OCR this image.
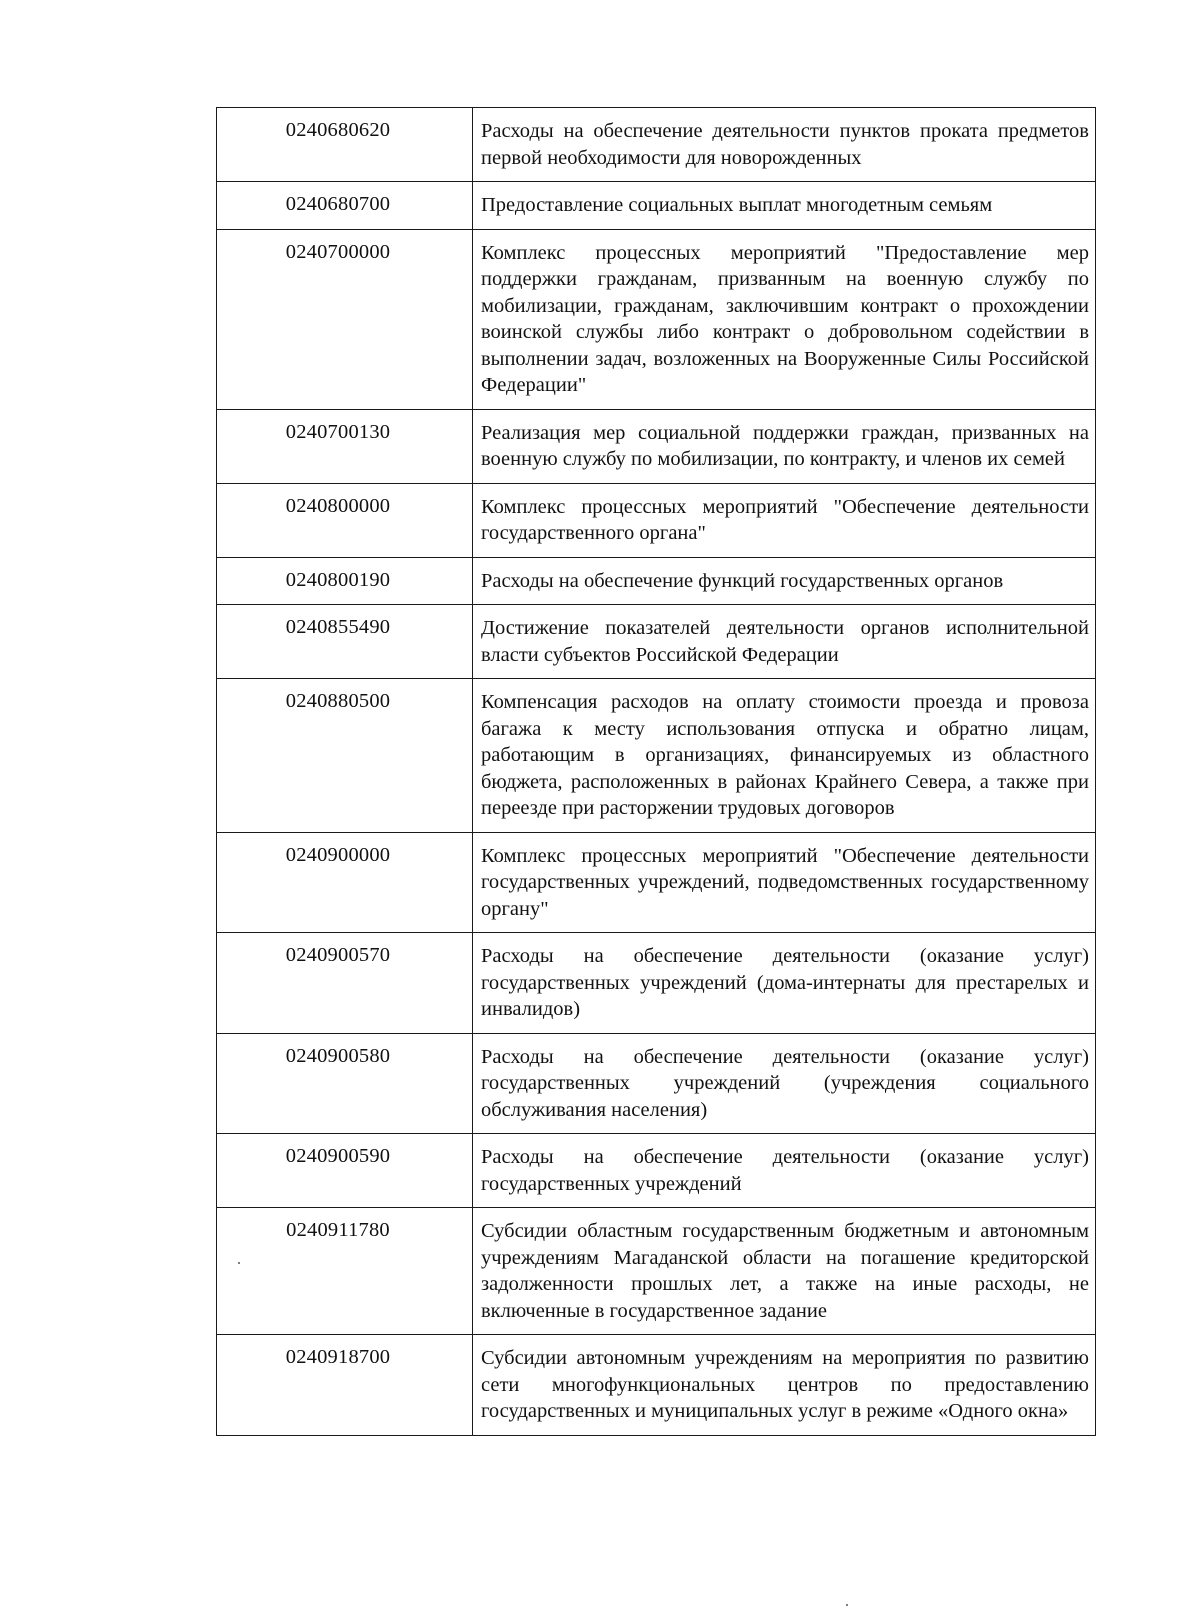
0240680620	Расходы на обеспечение деятельности пунктов проката предметов первой необходимости для новорожденных
0240680700	Предоставление социальных выплат многодетным семьям
0240700000	Комплекс процессных мероприятий "Предоставление мер поддержки гражданам, призванным на военную службу по мобилизации, гражданам, заключившим контракт о прохождении воинской службы либо контракт о добровольном содействии в выполнении задач, возложенных на Вооруженные Силы Российской Федерации"
0240700130	Реализация мер социальной поддержки граждан, призванных на военную службу по мобилизации, по контракту, и членов их семей
0240800000	Комплекс процессных мероприятий "Обеспечение деятельности государственного органа"
0240800190	Расходы на обеспечение функций государственных органов
0240855490	Достижение показателей деятельности органов исполнительной власти субъектов Российской Федерации
0240880500	Компенсация расходов на оплату стоимости проезда и провоза багажа к месту использования отпуска и обратно лицам, работающим в организациях, финансируемых из областного бюджета, расположенных в районах Крайнего Севера, а также при переезде при расторжении трудовых договоров
0240900000	Комплекс процессных мероприятий "Обеспечение деятельности государственных учреждений, подведомственных государственному органу"
0240900570	Расходы на обеспечение деятельности (оказание услуг) государственных учреждений (дома-интернаты для престарелых и инвалидов)
0240900580	Расходы на обеспечение деятельности (оказание услуг) государственных учреждений (учреждения социального обслуживания населения)
0240900590	Расходы на обеспечение деятельности (оказание услуг) государственных учреждений
0240911780	Субсидии областным государственным бюджетным и автономным учреждениям Магаданской области на погашение кредиторской задолженности прошлых лет, а также на иные расходы, не включенные в государственное задание
0240918700	Субсидии автономным учреждениям на мероприятия по развитию сети многофункциональных центров по предоставлению государственных и муниципальных услуг в режиме «Одного окна»
